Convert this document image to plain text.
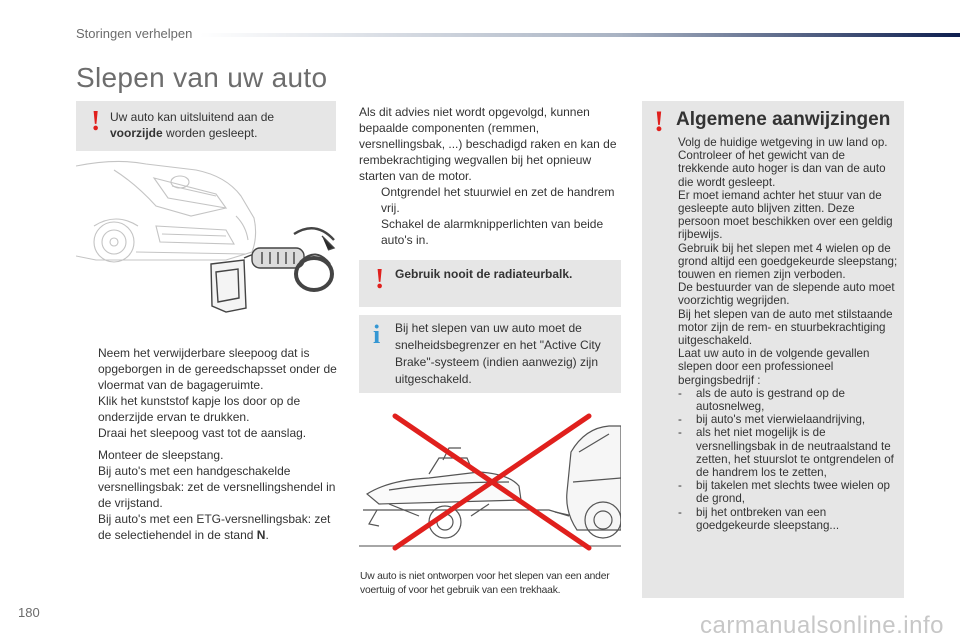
Storingen verhelpen
Slepen van uw auto
! Uw auto kan uitsluitend aan de voorzijde worden gesleept.
Neem het verwijderbare sleepoog dat is opgeborgen in de gereedschapsset onder de vloermat van de bagageruimte.
Klik het kunststof kapje los door op de onderzijde ervan te drukken.
Draai het sleepoog vast tot de aanslag.
Monteer de sleepstang.
Bij auto's met een handgeschakelde versnellingsbak: zet de versnellingshendel in de vrijstand.
Bij auto's met een ETG-versnellingsbak: zet de selectiehendel in de stand N.
Als dit advies niet wordt opgevolgd, kunnen bepaalde componenten (remmen, versnellingsbak, ...) beschadigd raken en kan de rembekrachtiging wegvallen bij het opnieuw starten van de motor.
Ontgrendel het stuurwiel en zet de handrem vrij.
Schakel de alarmknipperlichten van beide auto's in.
! Gebruik nooit de radiateurbalk.
i Bij het slepen van uw auto moet de snelheidsbegrenzer en het "Active City Brake"-systeem (indien aanwezig) zijn uitgeschakeld.
Uw auto is niet ontworpen voor het slepen van een ander voertuig of voor het gebruik van een trekhaak.
! Algemene aanwijzingen
Volg de huidige wetgeving in uw land op.
Controleer of het gewicht van de trekkende auto hoger is dan van de auto die wordt gesleept.
Er moet iemand achter het stuur van de gesleepte auto blijven zitten. Deze persoon moet beschikken over een geldig rijbewijs.
Gebruik bij het slepen met 4 wielen op de grond altijd een goedgekeurde sleepstang; touwen en riemen zijn verboden.
De bestuurder van de slepende auto moet voorzichtig wegrijden.
Bij het slepen van de auto met stilstaande motor zijn de rem- en stuurbekrachtiging uitgeschakeld.
Laat uw auto in de volgende gevallen slepen door een professioneel bergingsbedrijf :
- als de auto is gestrand op de autosnelweg,
- bij auto's met vierwielaandrijving,
- als het niet mogelijk is de versnellingsbak in de neutraalstand te zetten, het stuurslot te ontgrendelen of de handrem los te zetten,
- bij takelen met slechts twee wielen op de grond,
- bij het ontbreken van een goedgekeurde sleepstang...
180	carmanualsonline.info
